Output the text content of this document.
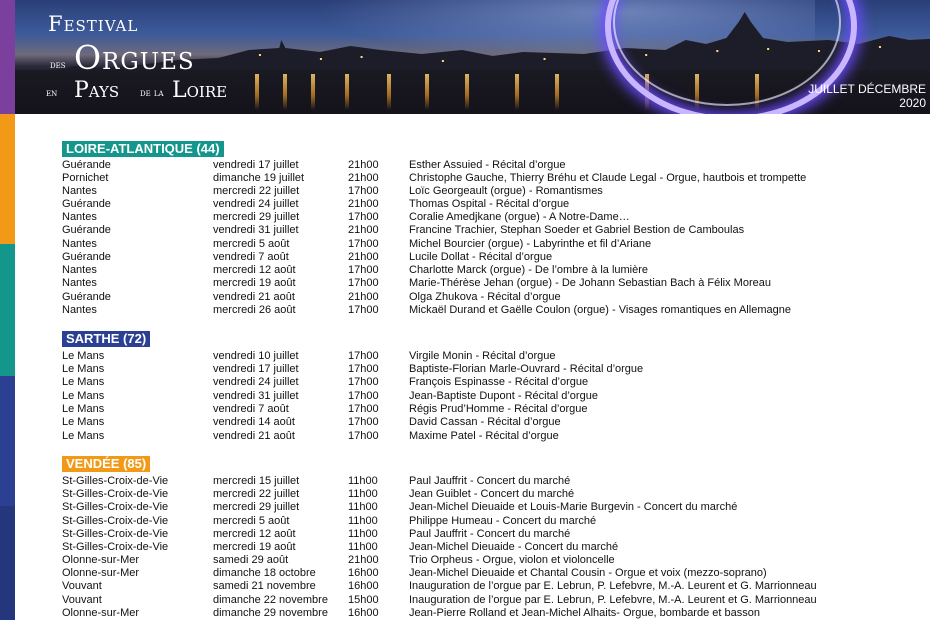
Festival
des Orgues
en Pays de la Loire	JUILLET DÉCEMBRE
2020
LOIRE-ATLANTIQUE (44)
Guérande	vendredi 17 juillet	21h00	Esther Assuied - Récital d’orgue
Pornichet	dimanche 19 juillet	21h00	Christophe Gauche, Thierry Bréhu et Claude Legal - Orgue, hautbois et trompette
Nantes	mercredi 22 juillet	17h00	Loïc Georgeault (orgue) - Romantismes
Guérande	vendredi 24 juillet	21h00	Thomas Ospital - Récital d’orgue
Nantes	mercredi 29 juillet	17h00	Coralie Amedjkane (orgue) - A Notre-Dame…
Guérande	vendredi 31 juillet	21h00	Francine Trachier, Stephan Soeder et Gabriel Bestion de Camboulas
Nantes	mercredi 5 août	17h00	Michel Bourcier (orgue) - Labyrinthe et fil d’Ariane
Guérande	vendredi 7 août	21h00	Lucile Dollat - Récital d’orgue
Nantes	mercredi 12 août	17h00	Charlotte Marck (orgue) - De l’ombre à la lumière
Nantes	mercredi 19 août	17h00	Marie-Thérèse Jehan (orgue) - De Johann Sebastian Bach à Félix Moreau
Guérande	vendredi 21 août	21h00	Olga Zhukova - Récital d’orgue
Nantes	mercredi 26 août	17h00	Mickaël Durand et Gaëlle Coulon (orgue) - Visages romantiques en Allemagne
SARTHE (72)
Le Mans	vendredi 10 juillet	17h00	Virgile Monin - Récital d’orgue
Le Mans	vendredi 17 juillet	17h00	Baptiste-Florian Marle-Ouvrard - Récital d’orgue
Le Mans	vendredi 24 juillet	17h00	François Espinasse - Récital d’orgue
Le Mans	vendredi 31 juillet	17h00	Jean-Baptiste Dupont - Récital d’orgue
Le Mans	vendredi 7 août	17h00	Régis Prud’Homme - Récital d’orgue
Le Mans	vendredi 14 août	17h00	David Cassan - Récital d’orgue
Le Mans	vendredi 21 août	17h00	Maxime Patel - Récital d’orgue
VENDÉE (85)
St-Gilles-Croix-de-Vie	mercredi 15 juillet	11h00	Paul Jauffrit - Concert du marché
St-Gilles-Croix-de-Vie	mercredi 22 juillet	11h00	Jean Guiblet - Concert du marché
St-Gilles-Croix-de-Vie	mercredi 29 juillet	11h00	Jean-Michel Dieuaide et Louis-Marie Burgevin - Concert du marché
St-Gilles-Croix-de-Vie	mercredi 5 août	11h00	Philippe Humeau - Concert du marché
St-Gilles-Croix-de-Vie	mercredi 12 août	11h00	Paul Jauffrit - Concert du marché
St-Gilles-Croix-de-Vie	mercredi 19 août	11h00	Jean-Michel Dieuaide - Concert du marché
Olonne-sur-Mer	samedi 29 août	21h00	Trio Orpheus - Orgue, violon et violoncelle
Olonne-sur-Mer	dimanche 18 octobre	16h00	Jean-Michel Dieuaide et Chantal Cousin - Orgue et voix (mezzo-soprano)
Vouvant	samedi 21 novembre	16h00	Inauguration de l’orgue par E. Lebrun, P. Lefebvre, M.-A. Leurent et G. Marrionneau
Vouvant	dimanche 22 novembre 15h00	Inauguration de l’orgue par E. Lebrun, P. Lefebvre, M.-A. Leurent et G. Marrionneau
Olonne-sur-Mer	dimanche 29 novembre 16h00	Jean-Pierre Rolland et Jean-Michel Alhaits- Orgue, bombarde et basson
